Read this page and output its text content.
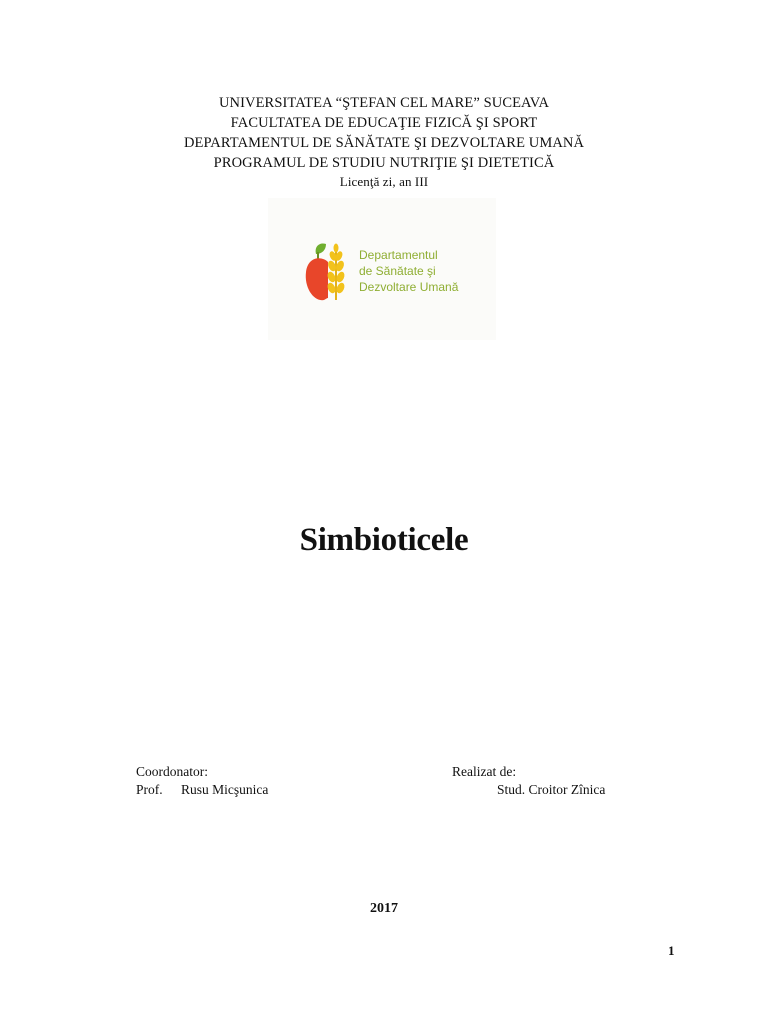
UNIVERSITATEA “ŞTEFAN CEL MARE” SUCEAVA
FACULTATEA DE EDUCAŢIE FIZICĂ ŞI SPORT
DEPARTAMENTUL DE SĂNĂTATE ŞI DEZVOLTARE UMANĂ
PROGRAMUL DE STUDIU NUTRIŢIE ŞI DIETETICĂ
Licenţă zi, an III
Departamentul
de Sănătate şi
Dezvoltare Umană
Simbioticele
Coordonator:
Prof. Rusu Micşunica
Realizat de:
Stud. Croitor Zînica
2017
1
